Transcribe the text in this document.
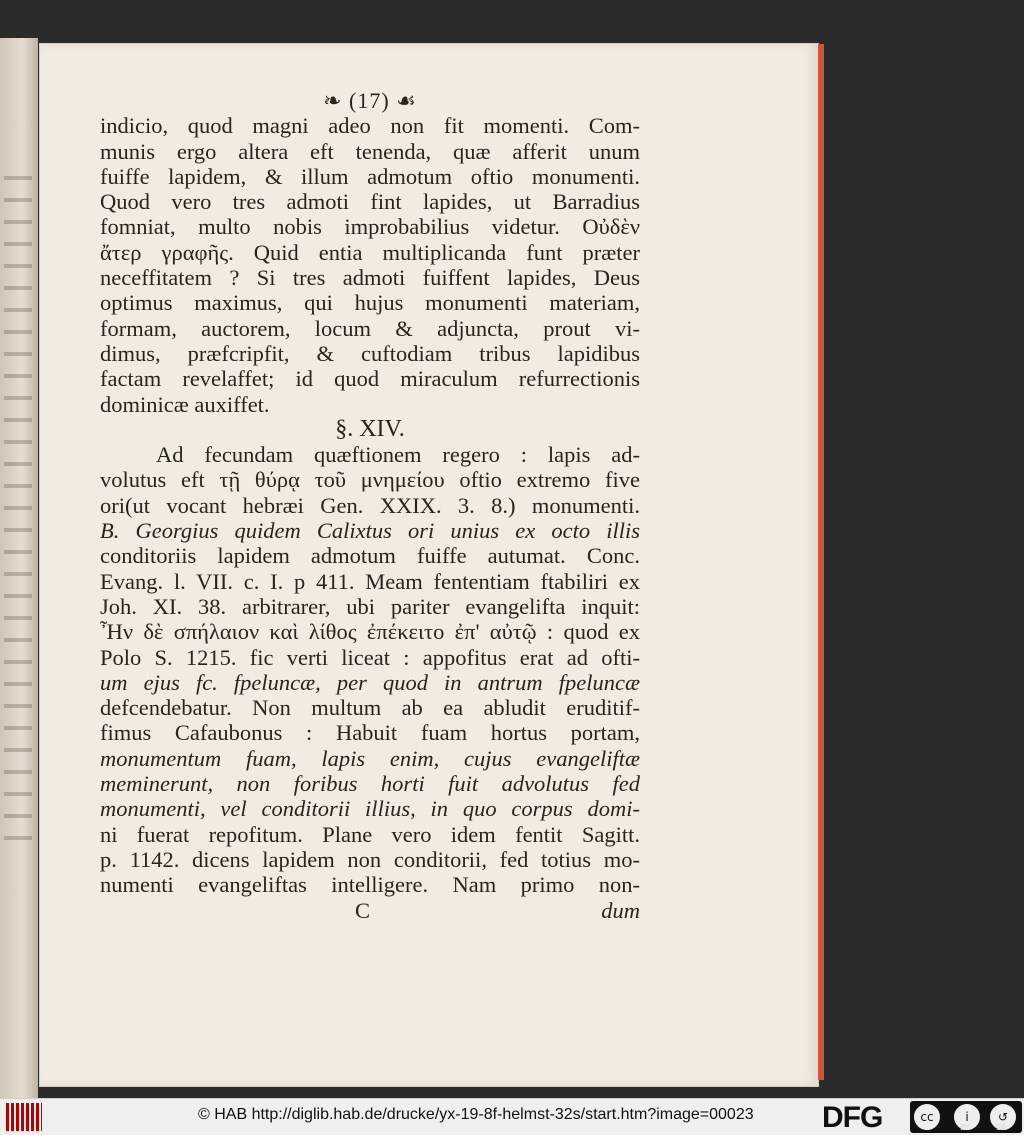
❧ (17) ☙
indicio, quod magni adeo non fit momenti. Com-
munis ergo altera eft tenenda, quæ afferit unum
fuiffe lapidem, & illum admotum oftio monumenti.
Quod vero tres admoti fint lapides, ut Barradius
fomniat, multo nobis improbabilius videtur. Οὐδὲν
ἄτερ γραφῆς. Quid entia multiplicanda funt præter
neceffitatem ? Si tres admoti fuiffent lapides, Deus
optimus maximus, qui hujus monumenti materiam,
formam, auctorem, locum & adjuncta, prout vi-
dimus, præfcripfit, & cuftodiam tribus lapidibus
factam revelaffet; id quod miraculum refurrectionis
dominicæ auxiffet.
§. XIV.
Ad fecundam quæftionem regero : lapis ad-
volutus eft τῇ θύρᾳ τοῦ μνημείου oftio extremo five
ori(ut vocant hebræi Gen. XXIX. 3. 8.) monumenti.
B. Georgius quidem Calixtus ori unius ex octo illis
conditoriis lapidem admotum fuiffe autumat. Conc.
Evang. l. VII. c. I. p 411. Meam fententiam ftabiliri ex
Joh. XI. 38. arbitrarer, ubi pariter evangelifta inquit:
Ἦν δὲ σπήλαιον καὶ λίθος ἐπέκειτο ἐπ' αὐτῷ : quod ex
Polo S. 1215. fic verti liceat : appofitus erat ad ofti-
um ejus fc. fpeluncæ, per quod in antrum fpeluncæ
defcendebatur. Non multum ab ea abludit eruditif-
fimus Cafaubonus : Habuit fuam hortus portam,
monumentum fuam, lapis enim, cujus evangeliftæ
meminerunt, non foribus horti fuit advolutus fed
monumenti, vel conditorii illius, in quo corpus domi-
ni fuerat repofitum. Plane vero idem fentit Sagitt.
p. 1142. dicens lapidem non conditorii, fed totius mo-
numenti evangeliftas intelligere. Nam primo non-
C	dum
© HAB http://diglib.hab.de/drucke/yx-19-8f-helmst-32s/start.htm?image=00023 DFG	cc	i	↺
BY	SA
